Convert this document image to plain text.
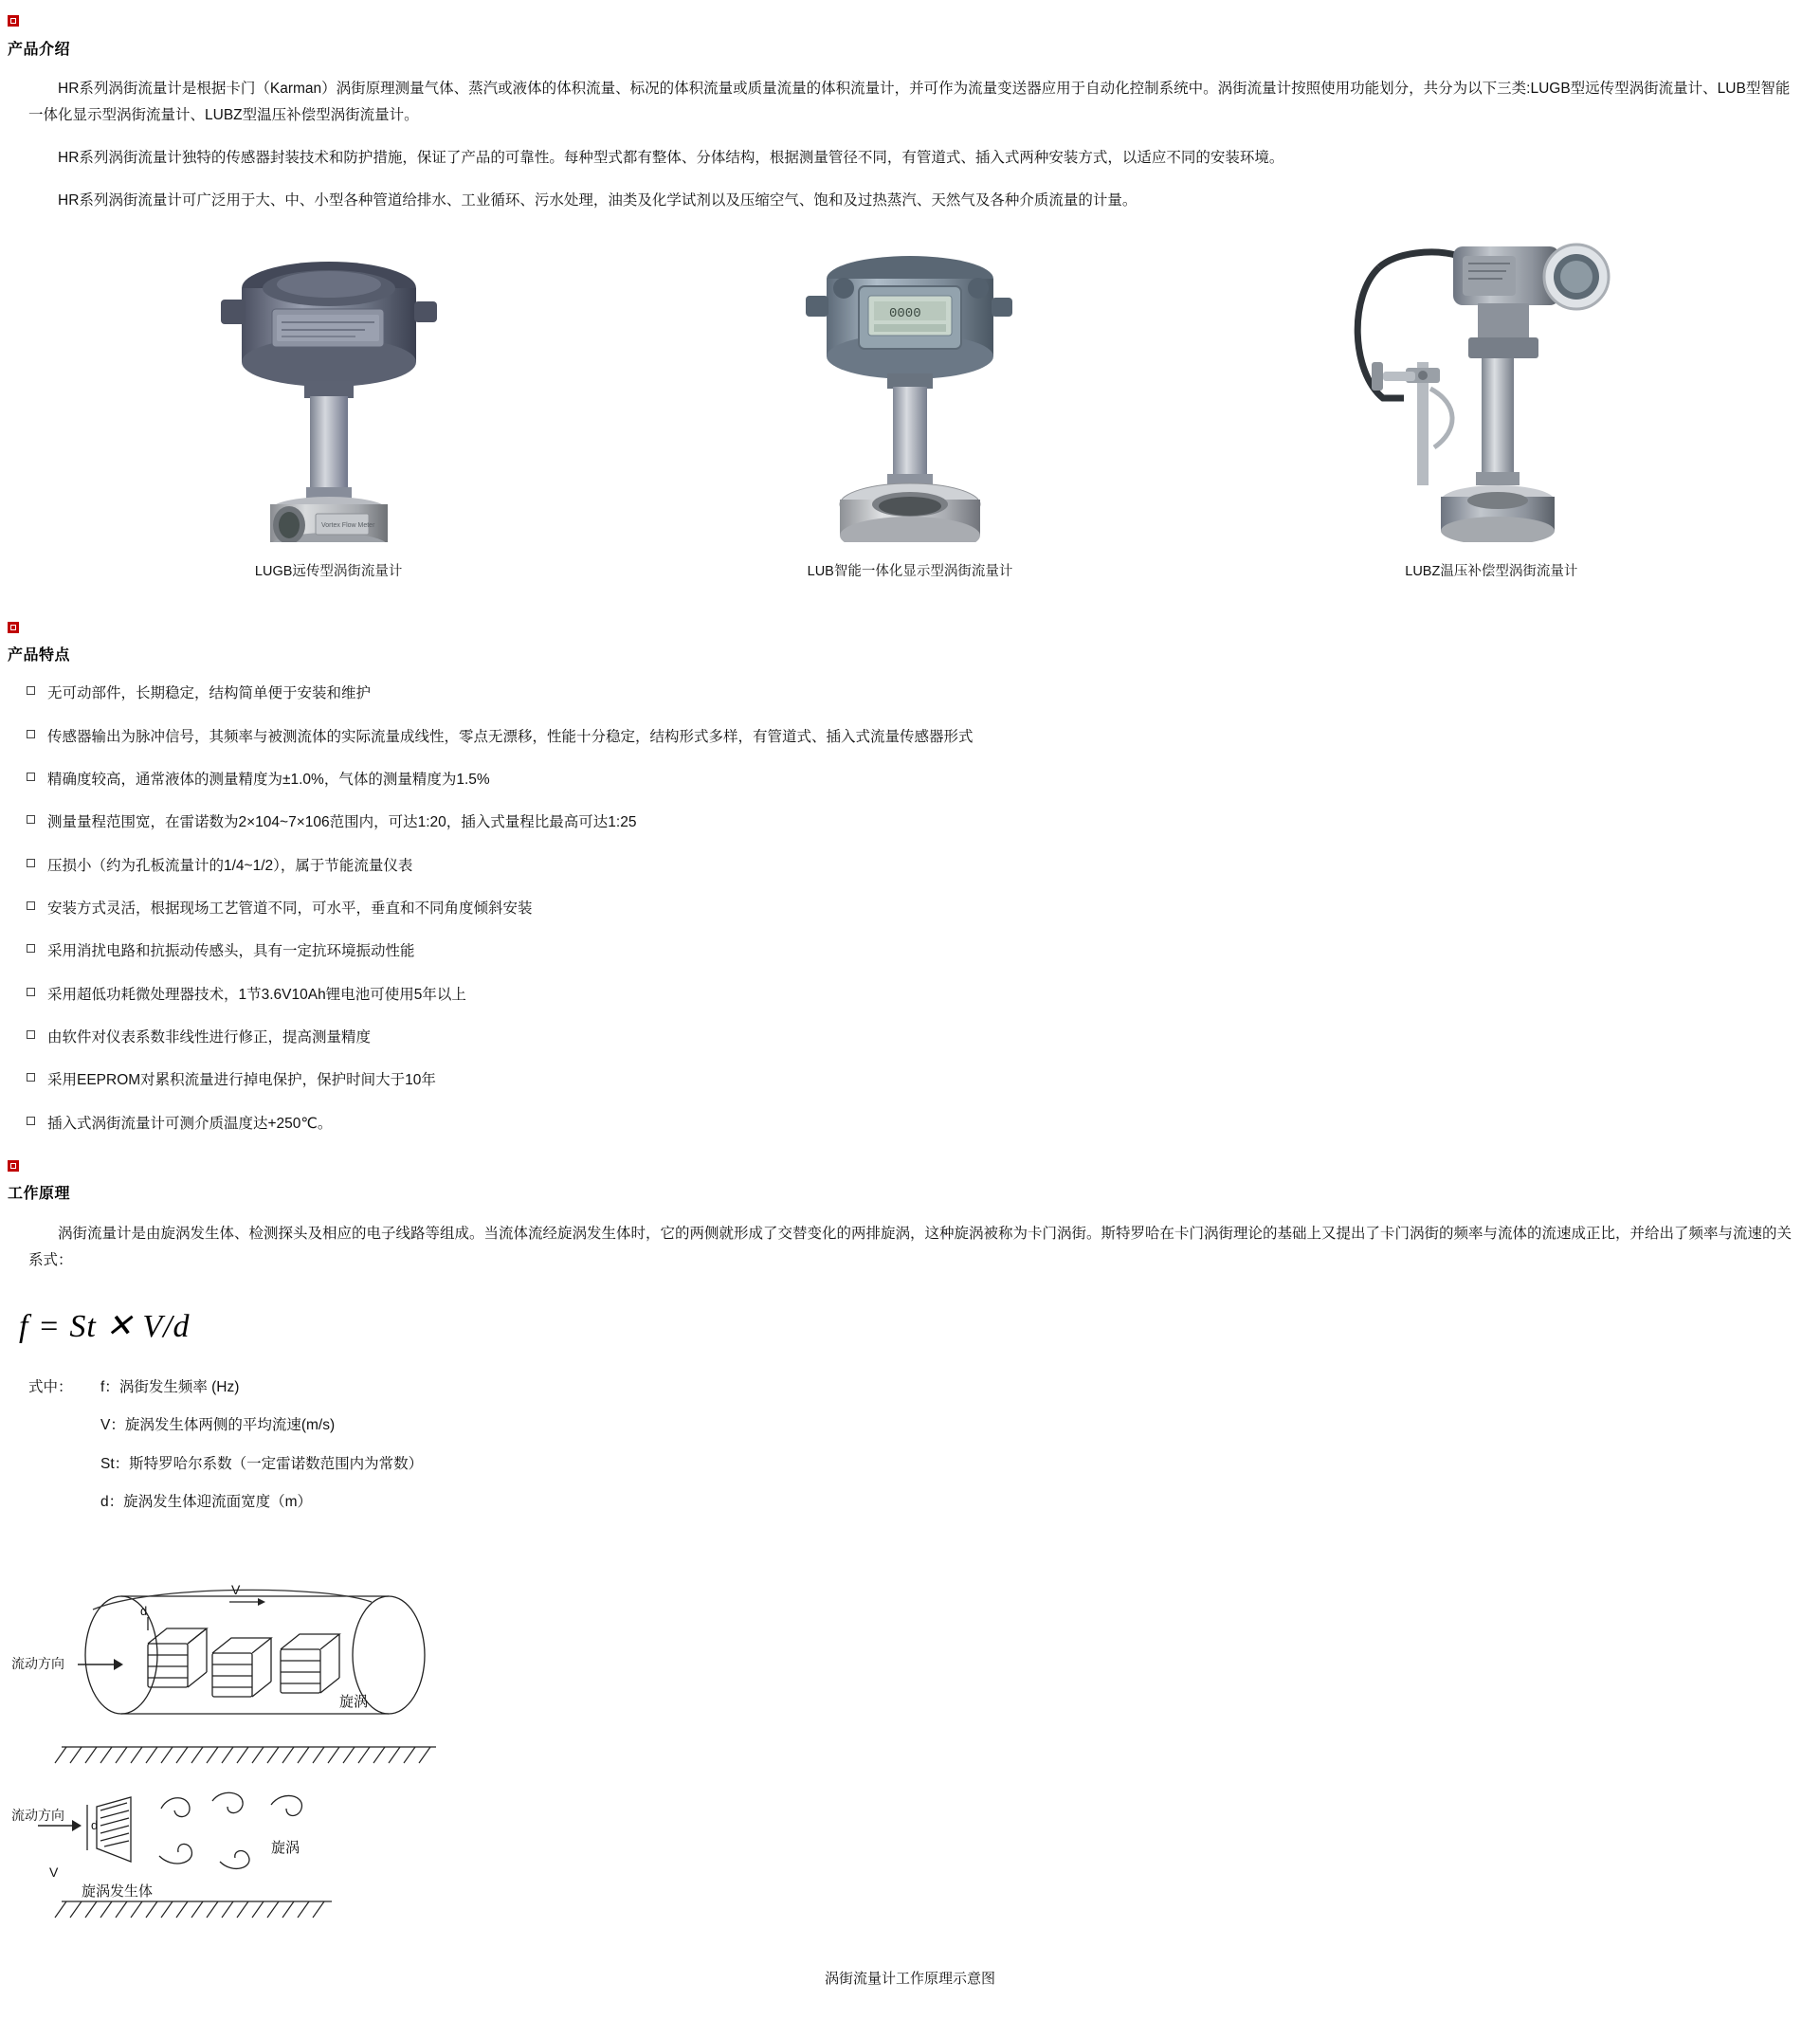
产品介绍

HR系列涡街流量计是根据卡门（Karman）涡街原理测量气体、蒸汽或液体的体积流量、标况的体积流量或质量流量的体积流量计，并可作为流量变送器应用于自动化控制系统中。涡街流量计按照使用功能划分，共分为以下三类:LUGB型远传型涡街流量计、LUB型智能一体化显示型涡街流量计、LUBZ型温压补偿型涡街流量计。

HR系列涡街流量计独特的传感器封装技术和防护措施，保证了产品的可靠性。每种型式都有整体、分体结构，根据测量管径不同，有管道式、插入式两种安装方式，以适应不同的安装环境。

HR系列涡街流量计可广泛用于大、中、小型各种管道给排水、工业循环、污水处理，油类及化学试剂以及压缩空气、饱和及过热蒸汽、天然气及各种介质流量的计量。

Vortex Flow Meter
LUGB远传型涡街流量计
0000
LUB智能一体化显示型涡街流量计	LUBZ温压补偿型涡街流量计
产品特点
无可动部件，长期稳定，结构简单便于安装和维护
传感器输出为脉冲信号，其频率与被测流体的实际流量成线性，零点无漂移，性能十分稳定，结构形式多样，有管道式、插入式流量传感器形式
精确度较高，通常液体的测量精度为±1.0%，气体的测量精度为1.5%
测量量程范围宽，在雷诺数为2×104~7×106范围内，可达1:20，插入式量程比最高可达1:25
压损小（约为孔板流量计的1/4~1/2），属于节能流量仪表
安装方式灵活，根据现场工艺管道不同，可水平，垂直和不同角度倾斜安装
采用消扰电路和抗振动传感头，具有一定抗环境振动性能
采用超低功耗微处理器技术，1节3.6V10Ah锂电池可使用5年以上
由软件对仪表系数非线性进行修正，提高测量精度
采用EEPROM对累积流量进行掉电保护，保护时间大于10年
插入式涡街流量计可测介质温度达+250℃。
工作原理

涡街流量计是由旋涡发生体、检测探头及相应的电子线路等组成。当流体流经旋涡发生体时，它的两侧就形成了交替变化的两排旋涡，这种旋涡被称为卡门涡街。斯特罗哈在卡门涡街理论的基础上又提出了卡门涡街的频率与流体的流速成正比，并给出了频率与流速的关系式：

f = St ✕ V/d
式中：	f： 涡街发生频率 (Hz)
V： 旋涡发生体两侧的平均流速(m/s)
St： 斯特罗哈尔系数（一定雷诺数范围内为常数）
d： 旋涡发生体迎流面宽度（m）
流动方向
d
V
旋涡
流动方向
d
V
旋涡
旋涡发生体
涡街流量计工作原理示意图
